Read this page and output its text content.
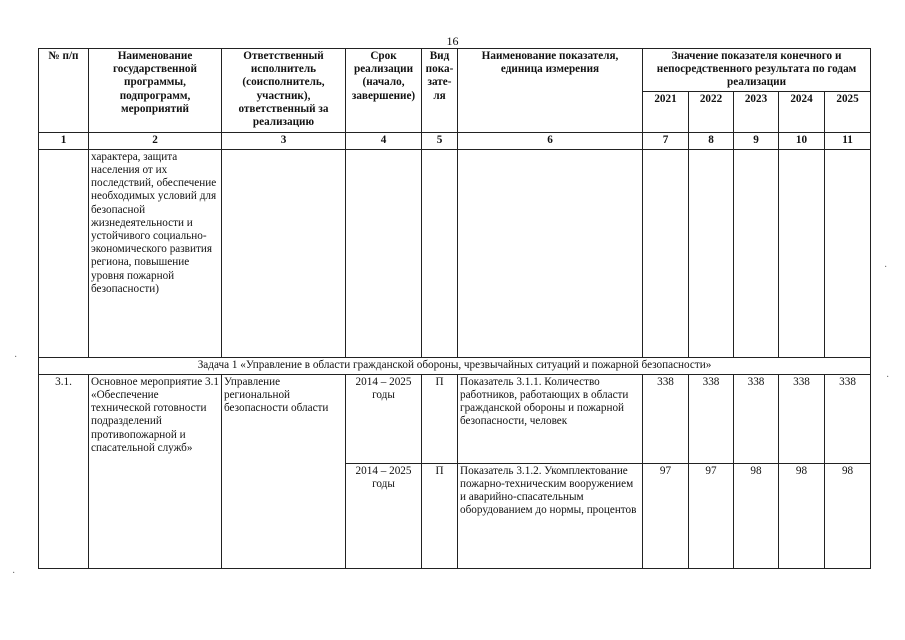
16
№ п/п	Наименование государственной программы, подпрограмм, мероприятий	Ответственный исполнитель (соисполнитель, участник), ответственный за реализацию	Срок реализации (начало, завершение)	Вид пока-зате-ля	Наименование показателя, единица измерения	Значение показателя конечного и непосредственного результата по годам реализации				
						2021	2022	2023	2024	2025
1	2	3	4	5	6	7	8	9	10	11
	характера, защита населения от их последствий, обеспечение необходимых условий для безопасной жизнедеятельности и устойчивого социально-экономического развития региона, повышение уровня пожарной безопасности)									
Задача 1 «Управление в области гражданской обороны, чрезвычайных ситуаций и пожарной безопасности»										
3.1.	Основное мероприятие 3.1 «Обеспечение технической готовности подразделений противопожарной и спасательной служб»	Управление региональной безопасности области	2014 – 2025 годы	П	Показатель 3.1.1. Количество работников, работающих в области гражданской обороны и пожарной безопасности, человек	338	338	338	338	338
			2014 – 2025 годы	П	Показатель 3.1.2. Укомплектование пожарно-техническим вооружением и аварийно-спасательным оборудованием до нормы, процентов	97	97	98	98	98
·
·
·
·
